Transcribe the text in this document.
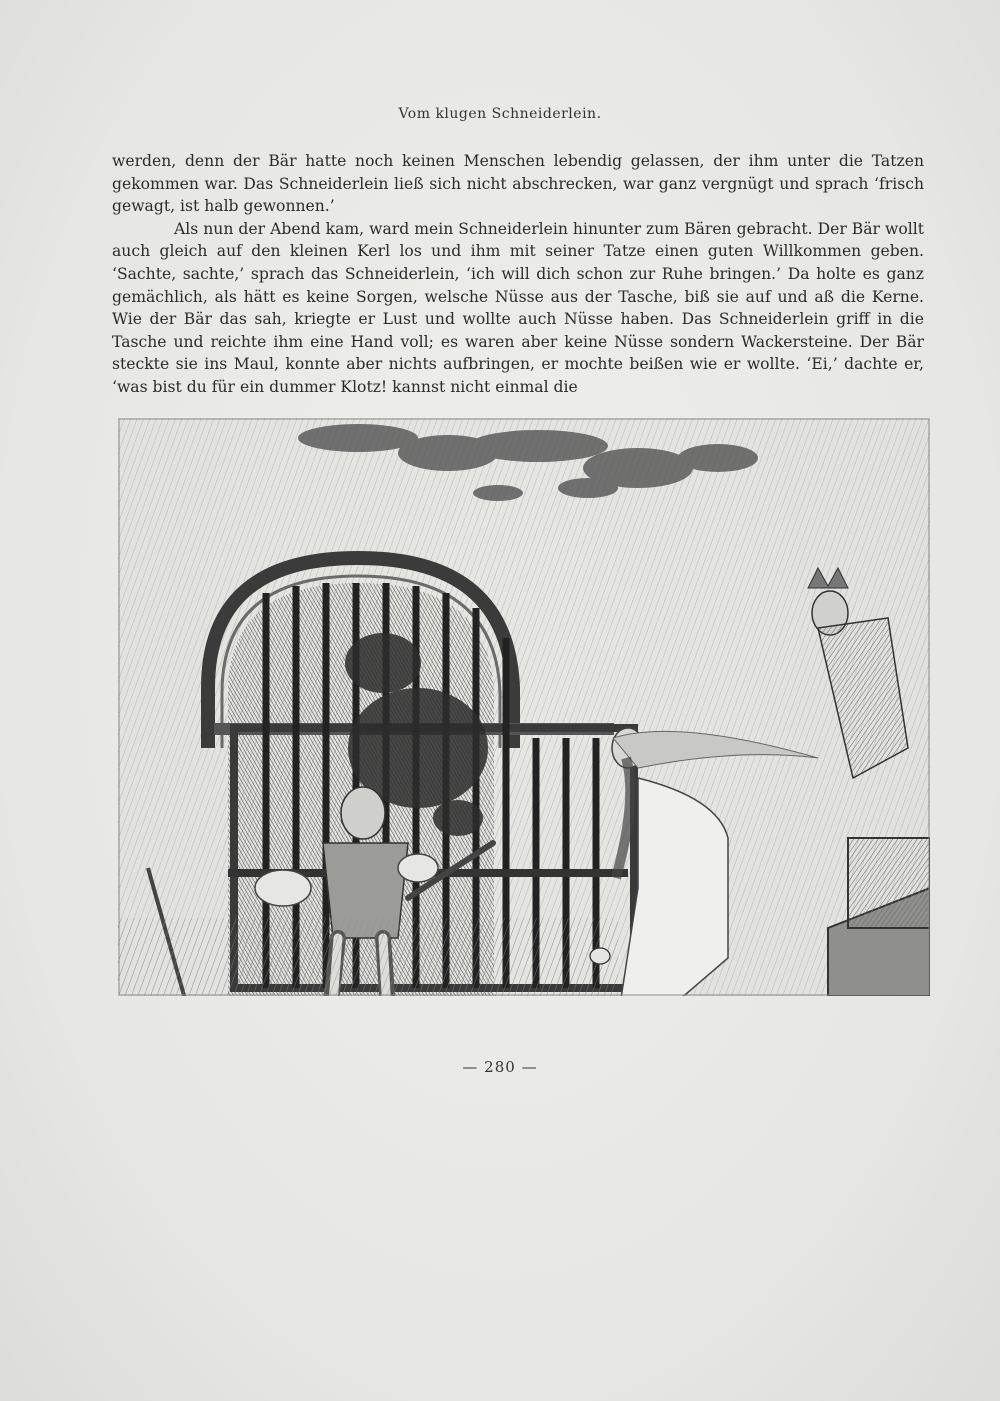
Vom klugen Schneiderlein.

werden, denn der Bär hatte noch keinen Menschen lebendig gelassen, der ihm unter die Tatzen gekommen war. Das Schneiderlein ließ sich nicht abschrecken, war ganz vergnügt und sprach ‘frisch gewagt, ist halb gewonnen.’

Als nun der Abend kam, ward mein Schneiderlein hinunter zum Bären gebracht. Der Bär wollt auch gleich auf den kleinen Kerl los und ihm mit seiner Tatze einen guten Willkommen geben. ‘Sachte, sachte,’ sprach das Schneiderlein, ‘ich will dich schon zur Ruhe bringen.’ Da holte es ganz gemächlich, als hätt es keine Sorgen, welsche Nüsse aus der Tasche, biß sie auf und aß die Kerne. Wie der Bär das sah, kriegte er Lust und wollte auch Nüsse haben. Das Schneiderlein griff in die Tasche und reichte ihm eine Hand voll; es waren aber keine Nüsse sondern Wackersteine. Der Bär steckte sie ins Maul, konnte aber nichts aufbringen, er mochte beißen wie er wollte. ‘Ei,’ dachte er, ‘was bist du für ein dummer Klotz! kannst nicht einmal die

— 280 —
